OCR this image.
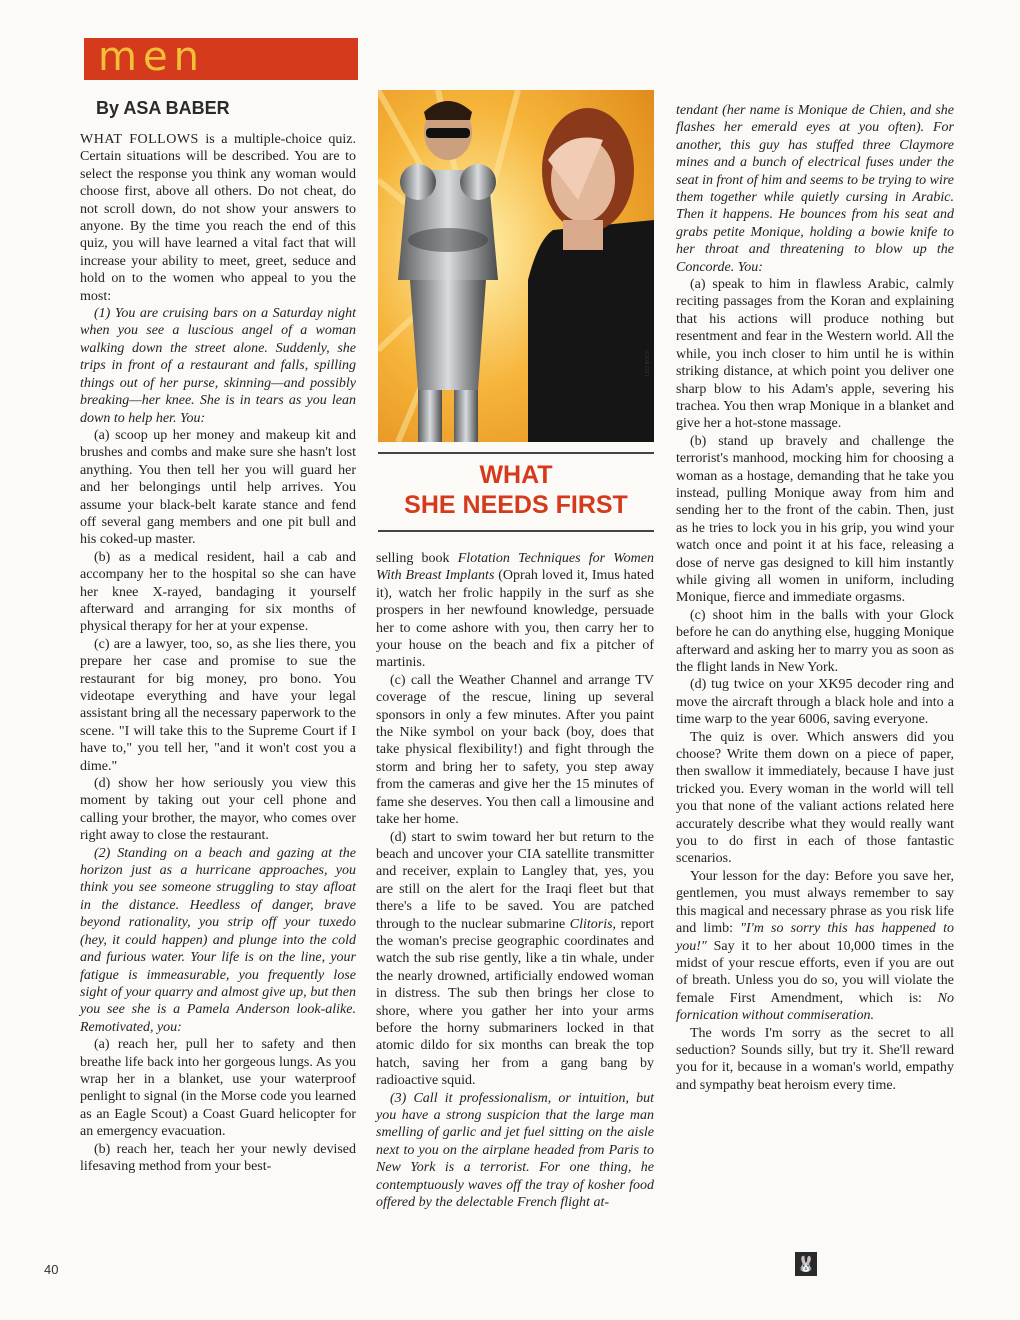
men
By ASA BABER

WHAT FOLLOWS is a multiple-choice quiz. Certain situations will be described. You are to select the response you think any woman would choose first, above all others. Do not cheat, do not scroll down, do not show your answers to anyone. By the time you reach the end of this quiz, you will have learned a vital fact that will increase your ability to meet, greet, seduce and hold on to the women who appeal to you the most:

(1) You are cruising bars on a Saturday night when you see a luscious angel of a woman walking down the street alone. Suddenly, she trips in front of a restaurant and falls, spilling things out of her purse, skinning—and possibly breaking—her knee. She is in tears as you lean down to help her. You:

(a) scoop up her money and makeup kit and brushes and combs and make sure she hasn't lost anything. You then tell her you will guard her and her belongings until help arrives. You assume your black-belt karate stance and fend off several gang members and one pit bull and his coked-up master.

(b) as a medical resident, hail a cab and accompany her to the hospital so she can have her knee X-rayed, bandaging it yourself afterward and arranging for six months of physical therapy for her at your expense.

(c) are a lawyer, too, so, as she lies there, you prepare her case and promise to sue the restaurant for big money, pro bono. You videotape everything and have your legal assistant bring all the necessary paperwork to the scene. "I will take this to the Supreme Court if I have to," you tell her, "and it won't cost you a dime."

(d) show her how seriously you view this moment by taking out your cell phone and calling your brother, the mayor, who comes over right away to close the restaurant.

(2) Standing on a beach and gazing at the horizon just as a hurricane approaches, you think you see someone struggling to stay afloat in the distance. Heedless of danger, brave beyond rationality, you strip off your tuxedo (hey, it could happen) and plunge into the cold and furious water. Your life is on the line, your fatigue is immeasurable, you frequently lose sight of your quarry and almost give up, but then you see she is a Pamela Anderson look-alike. Remotivated, you:

(a) reach her, pull her to safety and then breathe life back into her gorgeous lungs. As you wrap her in a blanket, use your waterproof penlight to signal (in the Morse code you learned as an Eagle Scout) a Coast Guard helicopter for an emergency evacuation.

(b) reach her, teach her your newly devised lifesaving method from your best-

LEO BOCH
WHAT
SHE NEEDS FIRST

selling book Flotation Techniques for Women With Breast Implants (Oprah loved it, Imus hated it), watch her frolic happily in the surf as she prospers in her newfound knowledge, persuade her to come ashore with you, then carry her to your house on the beach and fix a pitcher of martinis.

(c) call the Weather Channel and arrange TV coverage of the rescue, lining up several sponsors in only a few minutes. After you paint the Nike symbol on your back (boy, does that take physical flexibility!) and fight through the storm and bring her to safety, you step away from the cameras and give her the 15 minutes of fame she deserves. You then call a limousine and take her home.

(d) start to swim toward her but return to the beach and uncover your CIA satellite transmitter and receiver, explain to Langley that, yes, you are still on the alert for the Iraqi fleet but that there's a life to be saved. You are patched through to the nuclear submarine Clitoris, report the woman's precise geographic coordinates and watch the sub rise gently, like a tin whale, under the nearly drowned, artificially endowed woman in distress. The sub then brings her close to shore, where you gather her into your arms before the horny submariners locked in that atomic dildo for six months can break the top hatch, saving her from a gang bang by radioactive squid.

(3) Call it professionalism, or intuition, but you have a strong suspicion that the large man smelling of garlic and jet fuel sitting on the aisle next to you on the airplane headed from Paris to New York is a terrorist. For one thing, he contemptuously waves off the tray of kosher food offered by the delectable French flight at-

tendant (her name is Monique de Chien, and she flashes her emerald eyes at you often). For another, this guy has stuffed three Claymore mines and a bunch of electrical fuses under the seat in front of him and seems to be trying to wire them together while quietly cursing in Arabic. Then it happens. He bounces from his seat and grabs petite Monique, holding a bowie knife to her throat and threatening to blow up the Concorde. You:

(a) speak to him in flawless Arabic, calmly reciting passages from the Koran and explaining that his actions will produce nothing but resentment and fear in the Western world. All the while, you inch closer to him until he is within striking distance, at which point you deliver one sharp blow to his Adam's apple, severing his trachea. You then wrap Monique in a blanket and give her a hot-stone massage.

(b) stand up bravely and challenge the terrorist's manhood, mocking him for choosing a woman as a hostage, demanding that he take you instead, pulling Monique away from him and sending her to the front of the cabin. Then, just as he tries to lock you in his grip, you wind your watch once and point it at his face, releasing a dose of nerve gas designed to kill him instantly while giving all women in uniform, including Monique, fierce and immediate orgasms.

(c) shoot him in the balls with your Glock before he can do anything else, hugging Monique afterward and asking her to marry you as soon as the flight lands in New York.

(d) tug twice on your XK95 decoder ring and move the aircraft through a black hole and into a time warp to the year 6006, saving everyone.

The quiz is over. Which answers did you choose? Write them down on a piece of paper, then swallow it immediately, because I have just tricked you. Every woman in the world will tell you that none of the valiant actions related here accurately describe what they would really want you to do first in each of those fantastic scenarios.

Your lesson for the day: Before you save her, gentlemen, you must always remember to say this magical and necessary phrase as you risk life and limb: "I'm so sorry this has happened to you!" Say it to her about 10,000 times in the midst of your rescue efforts, even if you are out of breath. Unless you do so, you will violate the female First Amendment, which is: No fornication without commiseration.

The words I'm sorry as the secret to all seduction? Sounds silly, but try it. She'll reward you for it, because in a woman's world, empathy and sympathy beat heroism every time.

🐰
40
